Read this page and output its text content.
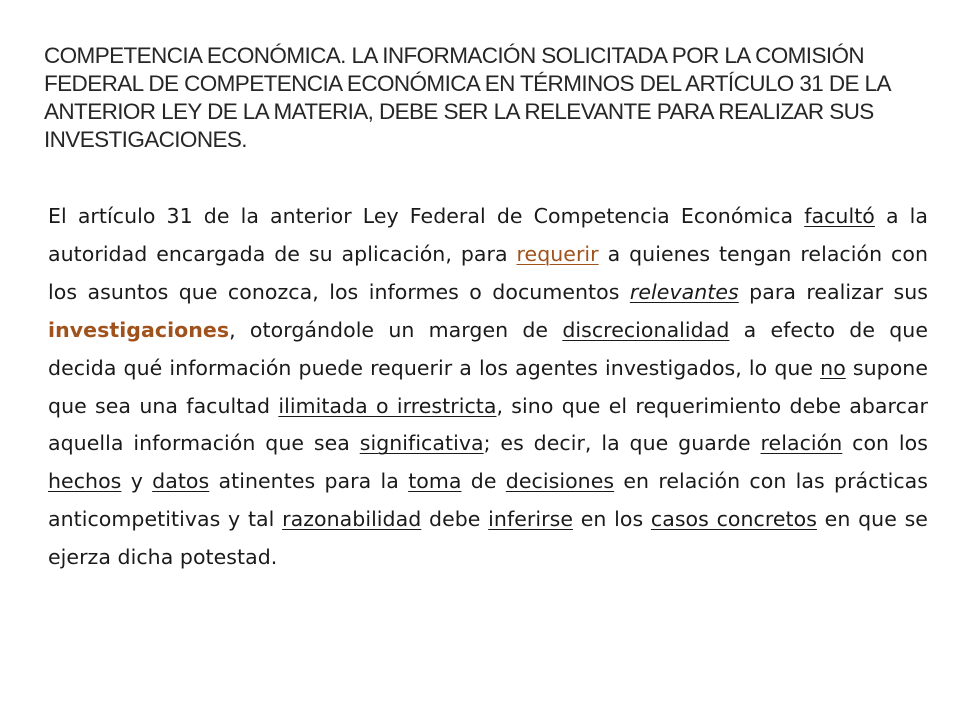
COMPETENCIA ECONÓMICA. LA INFORMACIÓN SOLICITADA POR LA COMISIÓN FEDERAL DE COMPETENCIA ECONÓMICA EN TÉRMINOS DEL ARTÍCULO 31 DE LA ANTERIOR LEY DE LA MATERIA, DEBE SER LA RELEVANTE PARA REALIZAR SUS INVESTIGACIONES.

El artículo 31 de la anterior Ley Federal de Competencia Económica facultó a la autoridad encargada de su aplicación, para requerir a quienes tengan relación con los asuntos que conozca, los informes o documentos relevantes para realizar sus investigaciones, otorgándole un margen de discrecionalidad a efecto de que decida qué información puede requerir a los agentes investigados, lo que no supone que sea una facultad ilimitada o irrestricta, sino que el requerimiento debe abarcar aquella información que sea significativa; es decir, la que guarde relación con los hechos y datos atinentes para la toma de decisiones en relación con las prácticas anticompetitivas y tal razonabilidad debe inferirse en los casos concretos en que se ejerza dicha potestad.
